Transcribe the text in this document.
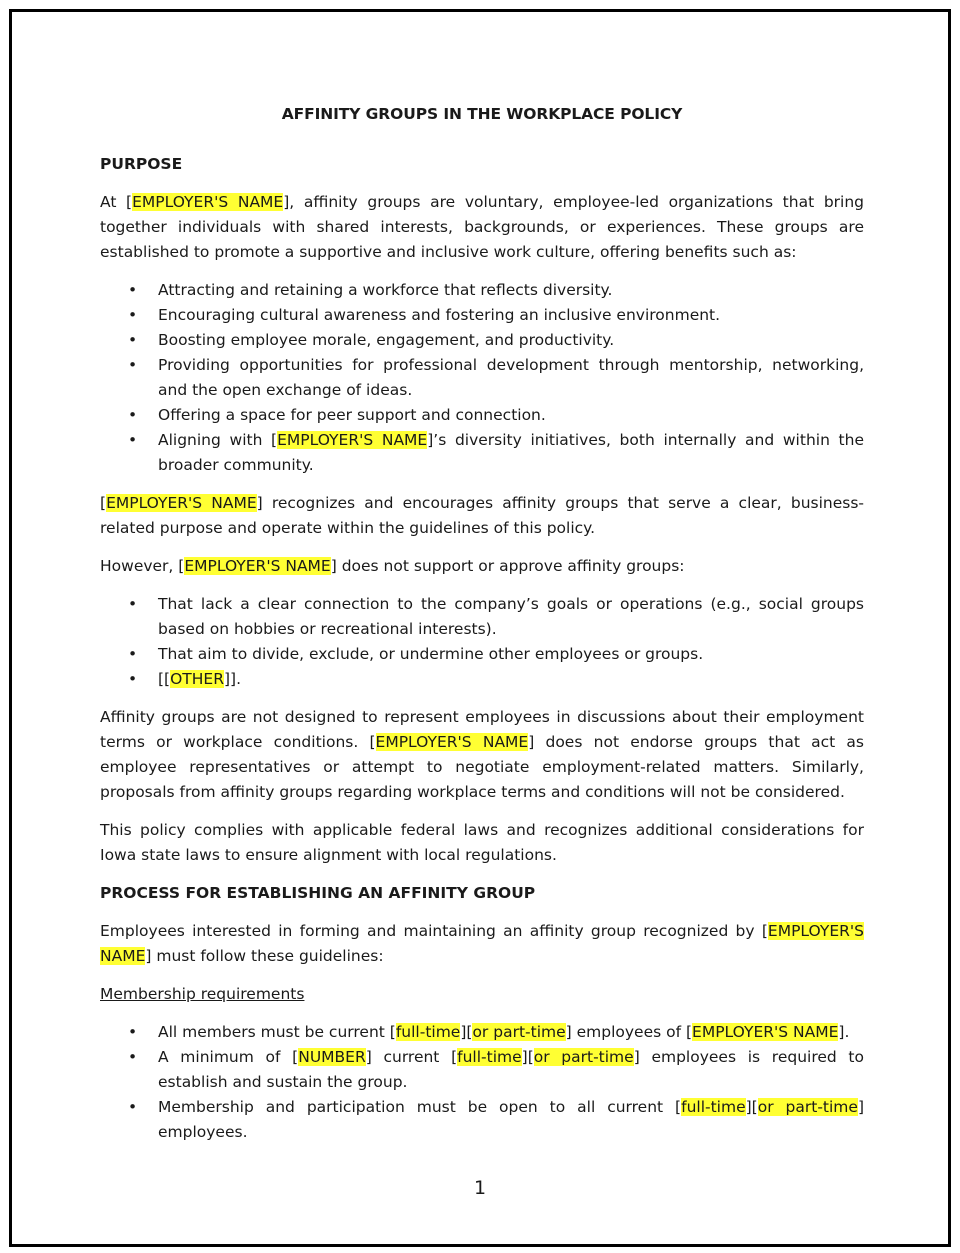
AFFINITY GROUPS IN THE WORKPLACE POLICY
PURPOSE

At [EMPLOYER'S NAME], affinity groups are voluntary, employee-led organizations that bring together individuals with shared interests, backgrounds, or experiences. These groups are established to promote a supportive and inclusive work culture, offering benefits such as:

• Attracting and retaining a workforce that reflects diversity.
• Encouraging cultural awareness and fostering an inclusive environment.
• Boosting employee morale, engagement, and productivity.
• Providing opportunities for professional development through mentorship, networking, and the open exchange of ideas.
• Offering a space for peer support and connection.
• Aligning with [EMPLOYER'S NAME]’s diversity initiatives, both internally and within the broader community.

[EMPLOYER'S NAME] recognizes and encourages affinity groups that serve a clear, business-related purpose and operate within the guidelines of this policy.

However, [EMPLOYER'S NAME] does not support or approve affinity groups:

• That lack a clear connection to the company’s goals or operations (e.g., social groups based on hobbies or recreational interests).
• That aim to divide, exclude, or undermine other employees or groups.
• [[OTHER]].

Affinity groups are not designed to represent employees in discussions about their employment terms or workplace conditions. [EMPLOYER'S NAME] does not endorse groups that act as employee representatives or attempt to negotiate employment-related matters. Similarly, proposals from affinity groups regarding workplace terms and conditions will not be considered.

This policy complies with applicable federal laws and recognizes additional considerations for Iowa state laws to ensure alignment with local regulations.

PROCESS FOR ESTABLISHING AN AFFINITY GROUP

Employees interested in forming and maintaining an affinity group recognized by [EMPLOYER'S NAME] must follow these guidelines:

Membership requirements
• All members must be current [full-time][or part-time] employees of [EMPLOYER'S NAME].
• A minimum of [NUMBER] current [full-time][or part-time] employees is required to establish and sustain the group.
• Membership and participation must be open to all current [full-time][or part-time] employees.
1
